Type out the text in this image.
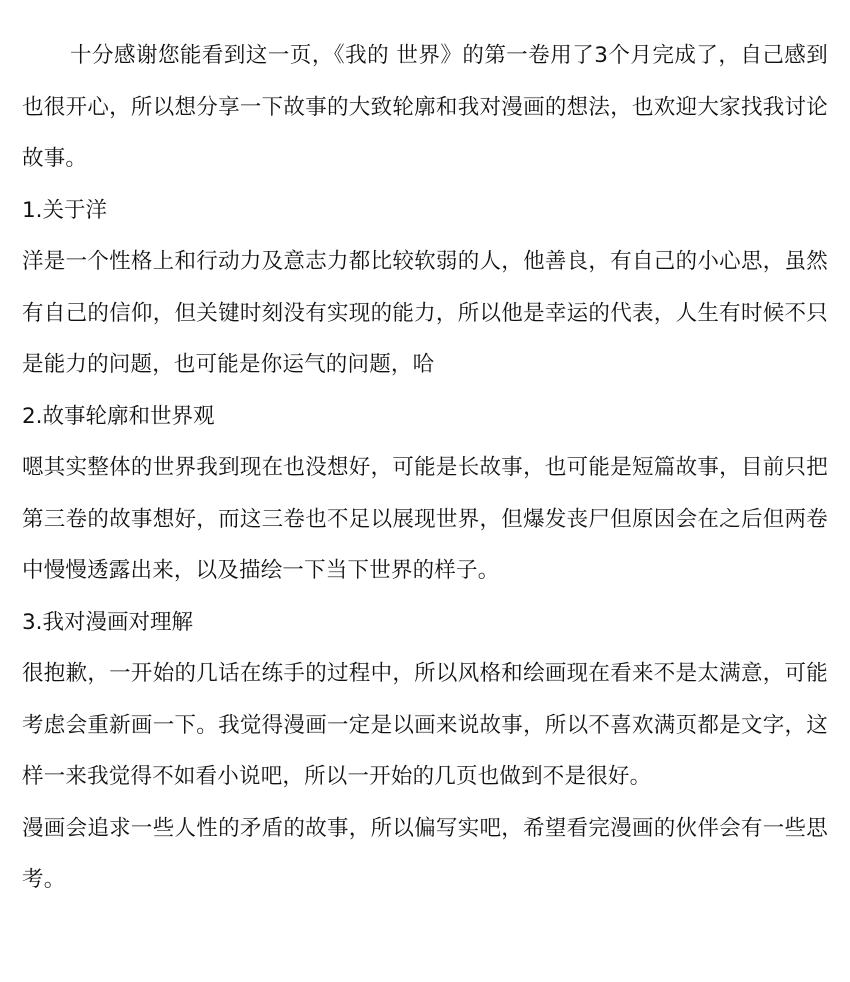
十分感谢您能看到这一页，《我的 世界》的第一卷用了3个月完成了，自己感到也很开心，所以想分享一下故事的大致轮廓和我对漫画的想法，也欢迎大家找我讨论故事。

1.关于洋

洋是一个性格上和行动力及意志力都比较软弱的人，他善良，有自己的小心思，虽然有自己的信仰，但关键时刻没有实现的能力，所以他是幸运的代表，人生有时候不只是能力的问题，也可能是你运气的问题，哈

2.故事轮廓和世界观

嗯其实整体的世界我到现在也没想好，可能是长故事，也可能是短篇故事，目前只把第三卷的故事想好，而这三卷也不足以展现世界，但爆发丧尸但原因会在之后但两卷中慢慢透露出来，以及描绘一下当下世界的样子。

3.我对漫画对理解

很抱歉，一开始的几话在练手的过程中，所以风格和绘画现在看来不是太满意，可能考虑会重新画一下。我觉得漫画一定是以画来说故事，所以不喜欢满页都是文字，这样一来我觉得不如看小说吧，所以一开始的几页也做到不是很好。

漫画会追求一些人性的矛盾的故事，所以偏写实吧，希望看完漫画的伙伴会有一些思考。
